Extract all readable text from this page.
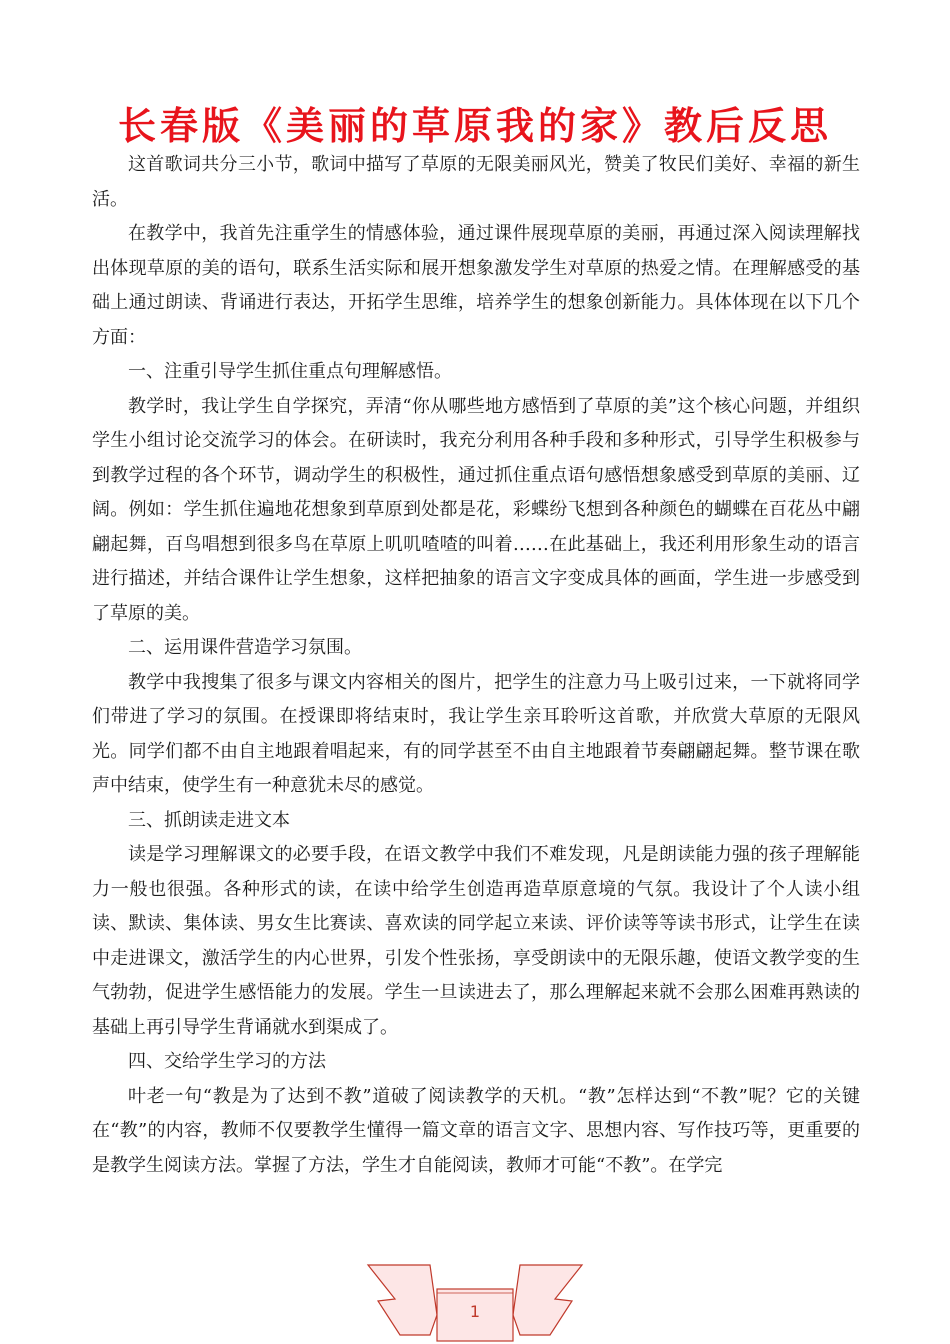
长春版《美丽的草原我的家》教后反思

这首歌词共分三小节，歌词中描写了草原的无限美丽风光，赞美了牧民们美好、幸福的新生活。

在教学中，我首先注重学生的情感体验，通过课件展现草原的美丽，再通过深入阅读理解找出体现草原的美的语句，联系生活实际和展开想象激发学生对草原的热爱之情。在理解感受的基础上通过朗读、背诵进行表达，开拓学生思维，培养学生的想象创新能力。具体体现在以下几个方面：

一、注重引导学生抓住重点句理解感悟。

教学时，我让学生自学探究，弄清“你从哪些地方感悟到了草原的美”这个核心问题，并组织学生小组讨论交流学习的体会。在研读时，我充分利用各种手段和多种形式，引导学生积极参与到教学过程的各个环节，调动学生的积极性，通过抓住重点语句感悟想象感受到草原的美丽、辽阔。例如：学生抓住遍地花想象到草原到处都是花，彩蝶纷飞想到各种颜色的蝴蝶在百花丛中翩翩起舞，百鸟唱想到很多鸟在草原上叽叽喳喳的叫着……在此基础上，我还利用形象生动的语言进行描述，并结合课件让学生想象，这样把抽象的语言文字变成具体的画面，学生进一步感受到了草原的美。

二、运用课件营造学习氛围。

教学中我搜集了很多与课文内容相关的图片，把学生的注意力马上吸引过来，一下就将同学们带进了学习的氛围。在授课即将结束时，我让学生亲耳聆听这首歌，并欣赏大草原的无限风光。同学们都不由自主地跟着唱起来，有的同学甚至不由自主地跟着节奏翩翩起舞。整节课在歌声中结束，使学生有一种意犹未尽的感觉。

三、抓朗读走进文本

读是学习理解课文的必要手段，在语文教学中我们不难发现，凡是朗读能力强的孩子理解能力一般也很强。各种形式的读，在读中给学生创造再造草原意境的气氛。我设计了个人读小组读、默读、集体读、男女生比赛读、喜欢读的同学起立来读、评价读等等读书形式，让学生在读中走进课文，激活学生的内心世界，引发个性张扬，享受朗读中的无限乐趣，使语文教学变的生气勃勃，促进学生感悟能力的发展。学生一旦读进去了，那么理解起来就不会那么困难再熟读的基础上再引导学生背诵就水到渠成了。

四、交给学生学习的方法

叶老一句“教是为了达到不教”道破了阅读教学的天机。“教”怎样达到“不教”呢？它的关键在“教”的内容，教师不仅要教学生懂得一篇文章的语言文字、思想内容、写作技巧等，更重要的是教学生阅读方法。掌握了方法，学生才自能阅读，教师才可能“不教”。在学完

1
